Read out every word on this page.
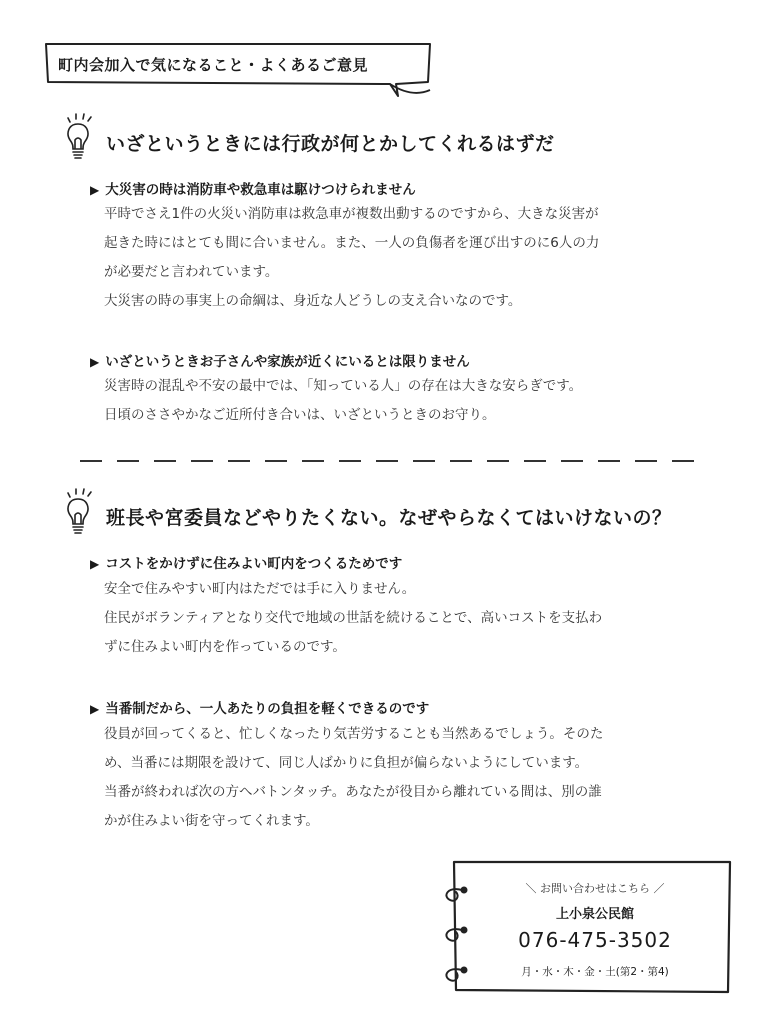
町内会加入で気になること・よくあるご意見
いざというときには行政が何とかしてくれるはずだ
▶ 大災害の時は消防車や救急車は駆けつけられません
平時でさえ1件の火災い消防車は救急車が複数出動するのですから、大きな災害が
起きた時にはとても間に合いません。また、一人の負傷者を運び出すのに6人の力
が必要だと言われています。
大災害の時の事実上の命綱は、身近な人どうしの支え合いなのです。
▶ いざというときお子さんや家族が近くにいるとは限りません
災害時の混乱や不安の最中では、「知っている人」の存在は大きな安らぎです。
日頃のささやかなご近所付き合いは、いざというときのお守り。
班長や宮委員などやりたくない。なぜやらなくてはいけないの？
▶ コストをかけずに住みよい町内をつくるためです
安全で住みやすい町内はただでは手に入りません。
住民がボランティアとなり交代で地域の世話を続けることで、高いコストを支払わ
ずに住みよい町内を作っているのです。
▶ 当番制だから、一人あたりの負担を軽くできるのです
役員が回ってくると、忙しくなったり気苦労することも当然あるでしょう。そのた
め、当番には期限を設けて、同じ人ばかりに負担が偏らないようにしています。
当番が終われば次の方へバトンタッチ。あなたが役目から離れている間は、別の誰
かが住みよい街を守ってくれます。
＼ お問い合わせはこちら ／
上小泉公民館
076-475-3502
月・水・木・金・土(第2・第4)
